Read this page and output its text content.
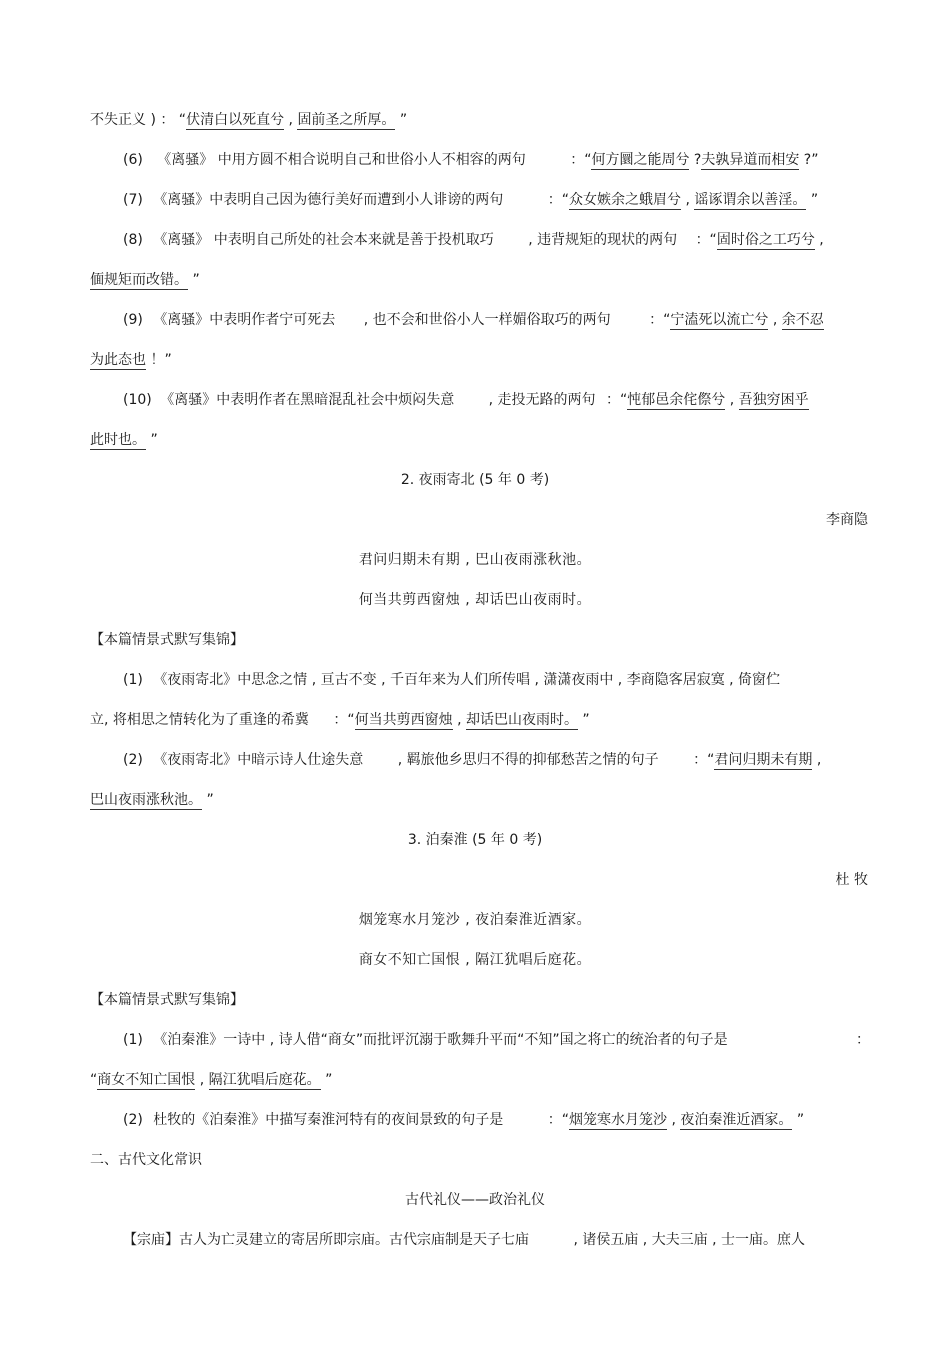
不失正义 ) ： “伏清白以死直兮 , 固前圣之所厚。 ”
(6) 《离骚》 中用方圆不相合说明自己和世俗小人不相容的两句	：“何方圜之能周兮 ?夫孰异道而相安 ?”
(7) 《离骚》中表明自己因为德行美好而遭到小人诽谤的两句	：“众女嫉余之蛾眉兮 , 谣诼谓余以善淫。 ”
(8) 《离骚》 中表明自己所处的社会本来就是善于投机取巧 , 违背规矩的现状的两句 ：“固时俗之工巧兮 ,
偭规矩而改错。 ”
(9) 《离骚》中表明作者宁可死去 , 也不会和世俗小人一样媚俗取巧的两句	：“宁溘死以流亡兮 , 余不忍
为此态也 ！”
(10) 《离骚》中表明作者在黑暗混乱社会中烦闷失意 , 走投无路的两句 ：“忳郁邑余侘傺兮 , 吾独穷困乎
此时也。 ”
2. 夜雨寄北 (5 年 0 考)
李商隐
君问归期未有期 , 巴山夜雨涨秋池。
何当共剪西窗烛 , 却话巴山夜雨时。
【本篇情景式默写集锦】
(1) 《夜雨寄北》中思念之情 , 亘古不变 , 千百年来为人们所传唱 , 潇潇夜雨中 , 李商隐客居寂寞 , 倚窗伫
立, 将相思之情转化为了重逢的希冀 ：“何当共剪西窗烛 , 却话巴山夜雨时。 ”
(2) 《夜雨寄北》中暗示诗人仕途失意 , 羁旅他乡思归不得的抑郁愁苦之情的句子 ：“君问归期未有期 ,
巴山夜雨涨秋池。 ”
3. 泊秦淮 (5 年 0 考)
杜 牧
烟笼寒水月笼沙 , 夜泊秦淮近酒家。
商女不知亡国恨 , 隔江犹唱后庭花。
【本篇情景式默写集锦】
(1) 《泊秦淮》一诗中 , 诗人借“商女”而批评沉溺于歌舞升平而“不知”国之将亡的统治者的句子是	：
“商女不知亡国恨 , 隔江犹唱后庭花。 ”
(2) 杜牧的《泊秦淮》中描写秦淮河特有的夜间景致的句子是	：“烟笼寒水月笼沙 , 夜泊秦淮近酒家。 ”
二、古代文化常识
古代礼仪——政治礼仪
【宗庙】古人为亡灵建立的寄居所即宗庙。古代宗庙制是天子七庙	, 诸侯五庙 , 大夫三庙 , 士一庙。庶人
